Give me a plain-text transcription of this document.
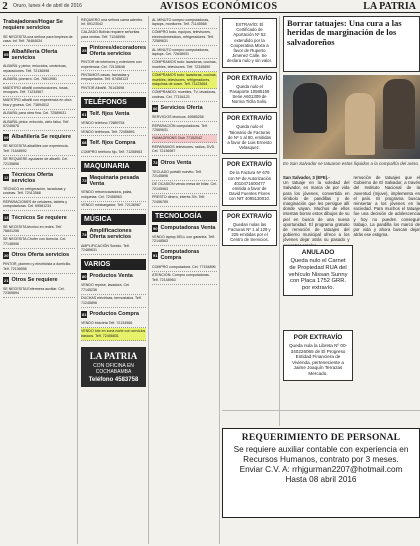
2	Oruro, lunes 4 de abril de 2016	AVISOS ECONÓMICOS	LA PATRIA
Trabajadoras/Hogar Se requiere servicios
SE NECESITA una señora para limpieza de casa. Inf. Telf. 76484634
05 Albañilería Oferta servicios
ALBAÑIL y pintor, enlucidos, cerámicas, reparaciones. Telf. 72136598
ALBAÑIL plomero. Cel. 76613981
MAESTRO albañil construcciones, losas, revoques. Telf. 71234567
MAESTRO albañil con experiencia en obra fina y gruesa. Cel. 73894512
ALBAÑIL para obra fina. Cel. 72589631
ALBAÑIL pintor, enlucido, cielo falso. Telf. 67245678
09 Albañilería Se requiere
SE NECESITA albañiles con experiencia. Telf. 71648592
SE REQUIERE ayudante de albañil. Cel. 72135896
12 Técnicos Oferta servicios
TÉCNICO en refrigeración, lavadoras y cocinas. Telf. 72413568
REPARACIONES de celulares, tablets y computadoras. Cel. 69581234
13 Técnicos Se requiere
SE NECESITA técnico en redes. Telf. 76841256
SE NECESITA Chofer con licencia. Cel. 77148596
20 Otros Oferta servicios
PINTOR, plomero y electricista a domicilio. Telf. 72136598
21 Otros Se requiere
SE NECESITA Enfermera auxiliar. Cel. 72365894
REQUIERO una señora cama adentro. Inf. 69123042
CALZADO Bolivia requiere señoritas para ventas. Telf. 71248596
25 Pintores/decoradores Oferta servicios
PINTOR de interiores y exteriores con experiencia. Cel. 72135648
PINTAMOS casas, fachadas y empapelados. Telf. 67458123
PINTOR Albañil. 76143698
TELÉFONOS
61 Telf. fijos Venta
VENDO teléfono 72689754
VENDO teléfonos. Telf. 72456891
68 Telf. fijos Compra
COMPRO teléfono fijo. Telf. 71258963
MAQUINARIA
73 Maquinaria pesada Venta
VENDO retroexcavadora, palas, volquetas. Cel. 72458963
VENDO minicargador. Telf. 72136987
MÚSICA
74 Amplificaciones Oferta servicios
AMPLIFICACIÓN Sonido. Telf. 72489631
VARIOS
80 Productos Venta
VENDO reprise, lavadora. Cel. 77145236
DUCHAS eléctricas, termostatos. Telf. 71245896
81 Productos Compra
VENDO bicicleta Telf. 72134568
VENDO lote en zona norte con servicios básicos. Telf. 72456831
LA PATRIA
CON OFICINA EN COCHABAMBA
Teléfono 4583758
AL MINUTO compro computadoras, laptops, monitores. Telf. 71145568
COMPRO todo, equipos, televisores, electrodomésticos, refrigeradores. Telf. 72589631
AL MINUTO compro computadoras, laptops. Cel. 72648931
COMPRAMOS todo: lavadoras, cocinas, muebles, televisores. Telf. 72345890
COMPRAMOS todo: lavadoras, cocinas, muebles, televisores, refrigeradores, máquinas de coser. Telf. 71123654
COMPRANDO: muebles, TV, lavadoras, cocinas. Cel. 77154123
06 Servicios Oferta
SERVICIOS técnicos. 69585258
REPARACIÓN computadoras. Telf. 72589631
HUMAGRIONS Club 77152042
REPARAMOS televisores, radios, DVD. Cel. 72136987
72 Otros Venta
TECLADO portátil nuevito. Telf. 72145896
DE OCASIÓN vendo mesa de billar. Cel. 72145963
PRESTO dinero, interés 3%. Telf. 72456789
TECNOLOGÍA
90 Computadoras Venta
VENDO laptop DELL con garantía. Telf. 72148563
91 Computadoras Compra
COMPRO computadora. Cel. 77154896
ATENCIÓN: Compro computadoras. Telf. 72148963
EXTRAVÍO: El Certificado de Aportación Nº 52 extendido por la Cooperativa Mixta a favor de Ruperto Jimenez Calle. Se declara nulo y sin valor.
POR EXTRAVÍO
Queda nulo el Pasaporte 10585159 Serie A601309 de Norma Ticlla Solis.
POR EXTRAVÍO
Queda nulo el Talonario de Facturas de Nº 1 al 50, emitidas a favor de Luis Ernesto Velasquez.
POR EXTRAVÍO
De la Factura Nº 679 con Nº de Autorización 4010471600477 emitida a favor de David Fuentes Flores con NIT 4095130010.
POR EXTRAVÍO
Quedan nulas las Facturas Nº 1 al 129 y 225 emitidas por el Centro de Servicios.
Borrar tatuajes: Una cura a las heridas de marginación de los salvadoreños
En San Salvador se tatuaron estos líquidos a la compañía del aviso.
San Salvador, 3 (EFE).-
Un tatuaje en la soledad del Salvador, es marca de por vida para los jóvenes, convertida en símbolo de pandillas y de marginación que les persigue allí donde vayan. Muchos de ellos intentan borrar estos dibujos de su piel en busca de una nueva oportunidad. El programa gratuito de remoción de tatuajes del gobierno municipal ofrece a los jóvenes dejar atrás su pasado y
remoción de tatuajes que el Gobierno de El Salvador, a través del Instituto Nacional de la Juventud (Injuve), implementa en el país. El programa busca reinsertar a los jóvenes en la sociedad. Para muchos el tatuaje fue una decisión de adolescencia y hoy no pueden conseguir trabajo. La pandilla los marcó de por vida y ahora buscan dejar atrás ese estigma.
REQUERIMIENTO DE PERSONAL
Se requiere auxiliar contable con experiencia en Recursos Humanos, contrato por 3 meses. Enviar C.V. A: rrhjgurman2207@hotmail.com Hasta 08 abril 2016
ANULADO
Queda nulo el Carnet de Propiedad RUA del vehículo Nissan Sunny con Placa 1752 GRR. por extravío.
POR EXTRAVÍO
Queda nula la Libreta Nº 00-340226065 de El Progreso Entidad Financiera de Vivienda, perteneciente a Jaime Joaquín Terrazas Mercado.
